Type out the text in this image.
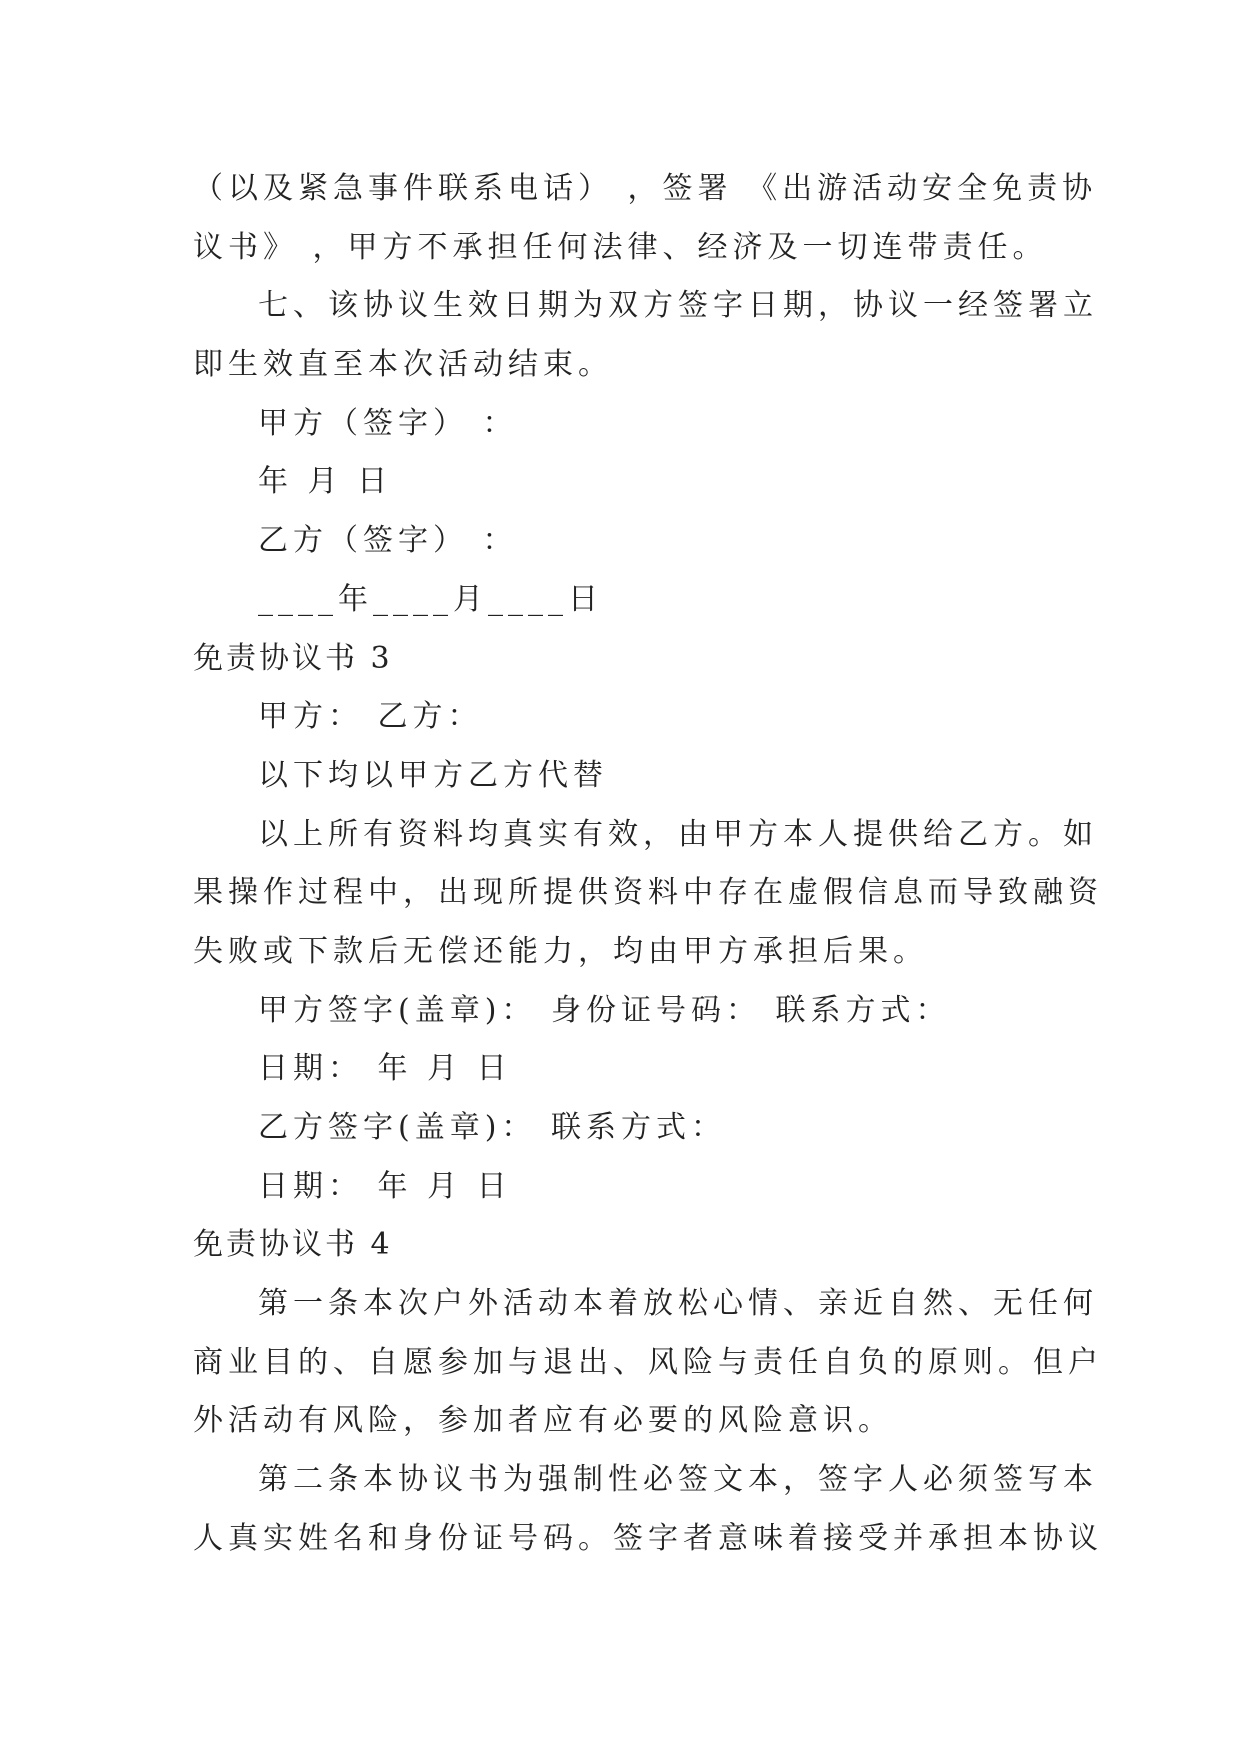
（以及紧急事件联系电话） ，签署 《出游活动安全免责协
议书》 ，甲方不承担任何法律、经济及一切连带责任。
七、该协议生效日期为双方签字日期，协议一经签署立
即生效直至本次活动结束。
甲方（签字） ：
年 月 日
乙方（签字） ：
____年____月____日
免责协议书 3
甲方： 乙方：
以下均以甲方乙方代替
以上所有资料均真实有效，由甲方本人提供给乙方。如
果操作过程中，出现所提供资料中存在虚假信息而导致融资
失败或下款后无偿还能力，均由甲方承担后果。
甲方签字(盖章)： 身份证号码： 联系方式：
日期： 年 月 日
乙方签字(盖章)： 联系方式：
日期： 年 月 日
免责协议书 4
第一条本次户外活动本着放松心情、亲近自然、无任何
商业目的、自愿参加与退出、风险与责任自负的原则。但户
外活动有风险，参加者应有必要的风险意识。
第二条本协议书为强制性必签文本，签字人必须签写本
人真实姓名和身份证号码。签字者意味着接受并承担本协议
